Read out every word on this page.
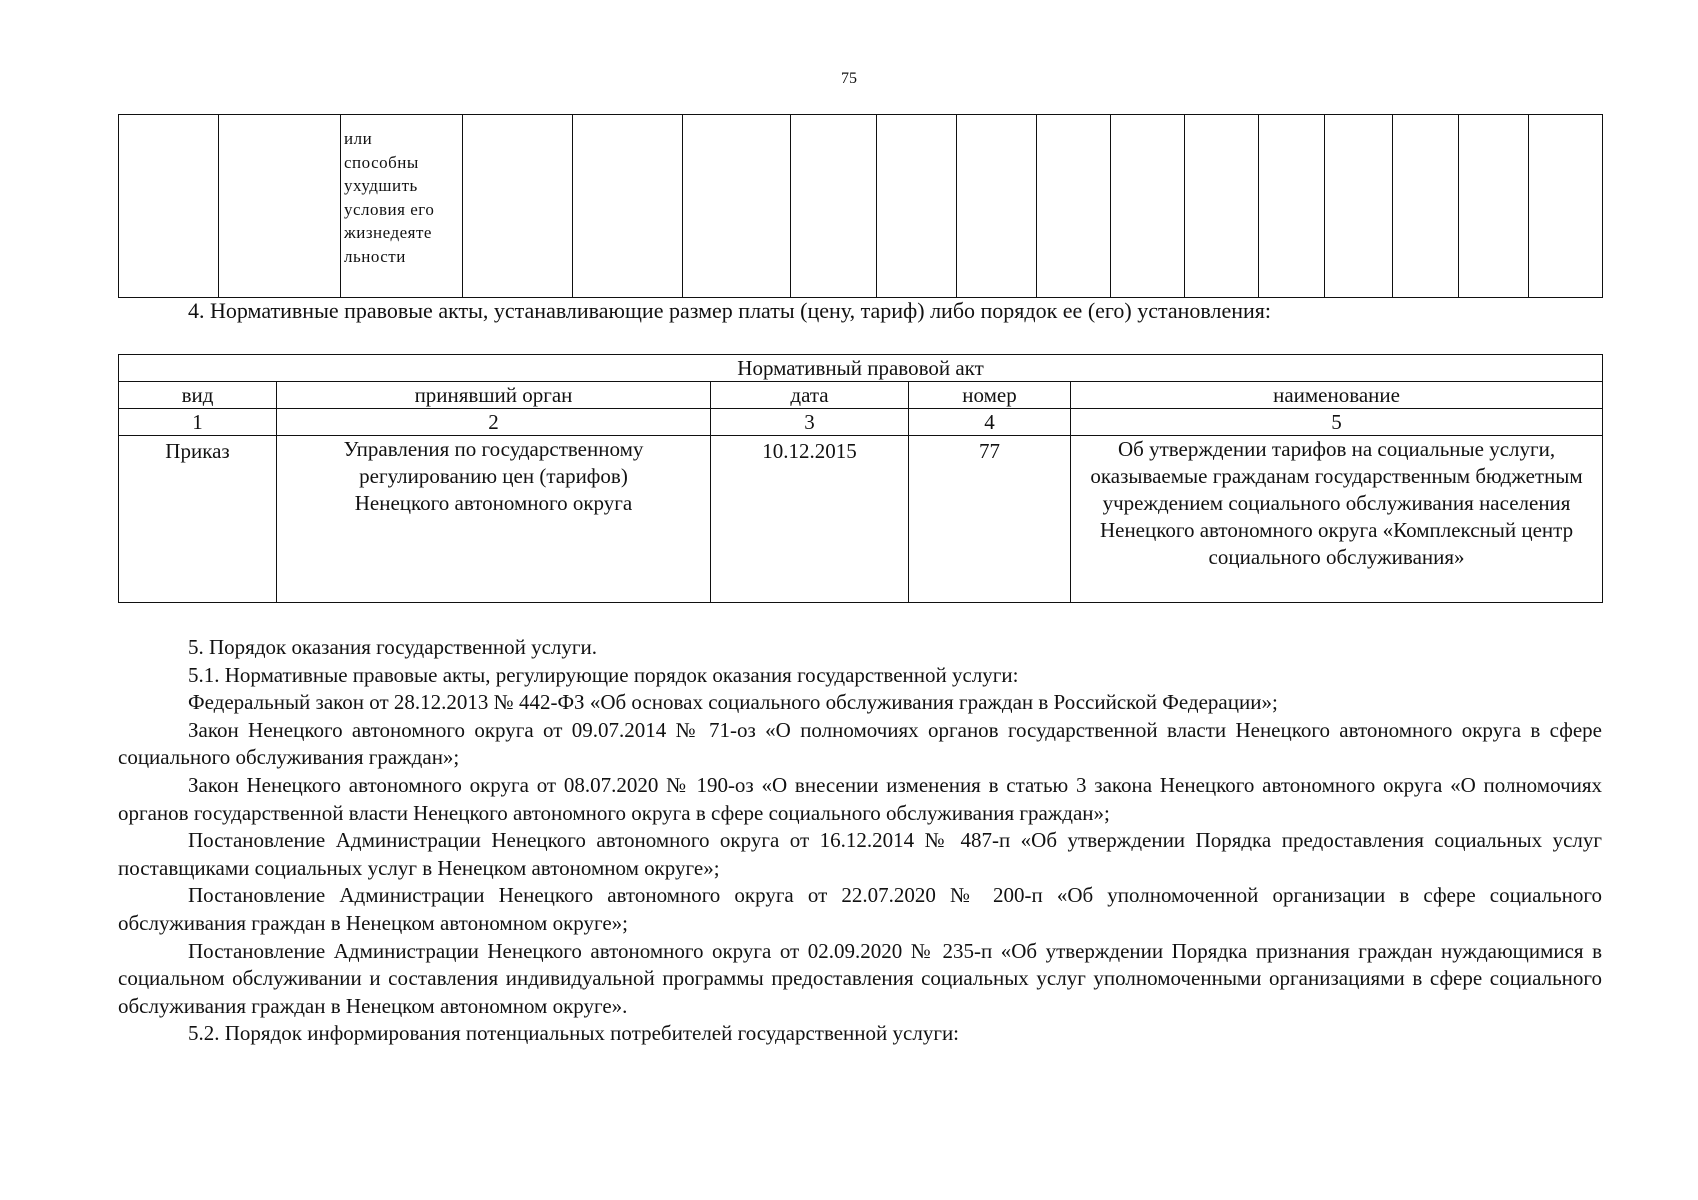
75

или
способны
ухудшить
условия его
жизнедеяте
льности

4. Нормативные правовые акты, устанавливающие размер платы (цену, тариф) либо порядок ее (его) установления:
Нормативный правовой акт				
вид	принявший орган	дата	номер	наименование
1	2	3	4	5
Приказ	Управления по государственному регулированию цен (тарифов) Ненецкого автономного округа	10.12.2015	77	Об утверждении тарифов на социальные услуги, оказываемые гражданам государственным бюджетным учреждением социального обслуживания населения Ненецкого автономного округа «Комплексный центр социального обслуживания»

5. Порядок оказания государственной услуги.

5.1. Нормативные правовые акты, регулирующие порядок оказания государственной услуги:

Федеральный закон от 28.12.2013 № 442-ФЗ «Об основах социального обслуживания граждан в Российской Федерации»;

Закон Ненецкого автономного округа от 09.07.2014 № 71-оз «О полномочиях органов государственной власти Ненецкого автономного округа в сфере социального обслуживания граждан»;

Закон Ненецкого автономного округа от 08.07.2020 № 190-оз «О внесении изменения в статью 3 закона Ненецкого автономного округа «О полномочиях органов государственной власти Ненецкого автономного округа в сфере социального обслуживания граждан»;

Постановление Администрации Ненецкого автономного округа от 16.12.2014 № 487-п «Об утверждении Порядка предоставления социальных услуг поставщиками социальных услуг в Ненецком автономном округе»;

Постановление Администрации Ненецкого автономного округа от 22.07.2020 № 200-п «Об уполномоченной организации в сфере социального обслуживания граждан в Ненецком автономном округе»;

Постановление Администрации Ненецкого автономного округа от 02.09.2020 № 235-п «Об утверждении Порядка признания граждан нуждающимися в социальном обслуживании и составления индивидуальной программы предоставления социальных услуг уполномоченными организациями в сфере социального обслуживания граждан в Ненецком автономном округе».

5.2. Порядок информирования потенциальных потребителей государственной услуги:
